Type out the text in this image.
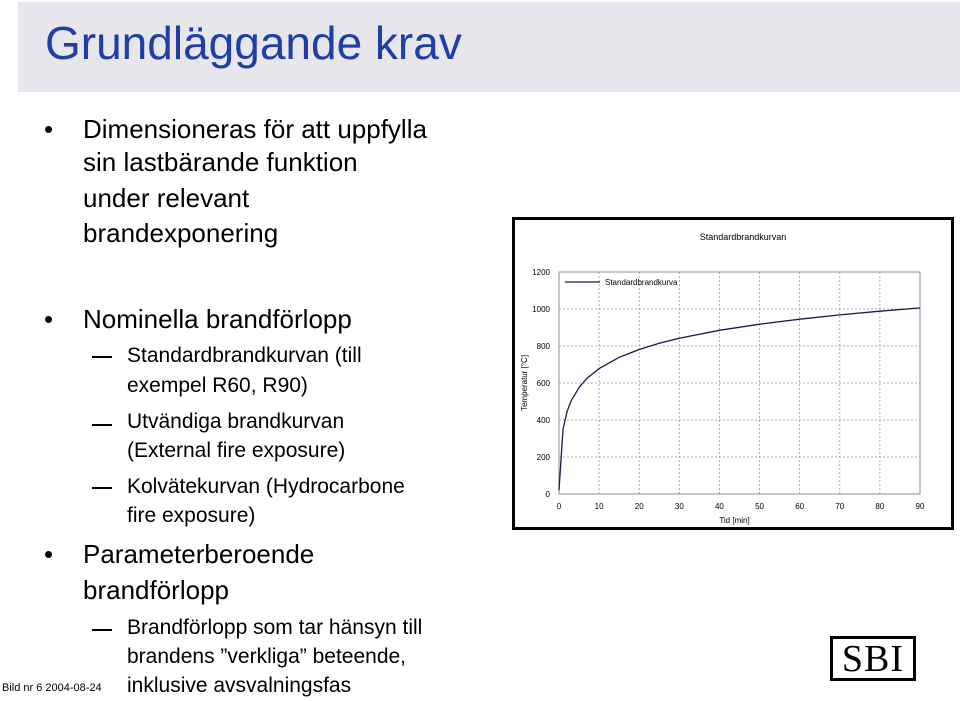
Grundläggande krav
• Dimensioneras för att uppfylla
sin lastbärande funktion
under relevant
brandexponering
• Nominella brandförlopp
Standardbrandkurvan (till
exempel R60, R90)
Utvändiga brandkurvan
(External fire exposure)
Kolvätekurvan (Hydrocarbone
fire exposure)
• Parameterberoende
brandförlopp
Brandförlopp som tar hänsyn till
brandens ”verkliga” beteende,
inklusive avsvalningsfas
Bild nr 6 2004-08-24
0
200
400
600
800
1000
1200
0	10	20	30	40	50	60	70	80	90
Standardbrandkurvan
Tid [min]
Temperatur [°C]
Standardbrandkurva
SBI
